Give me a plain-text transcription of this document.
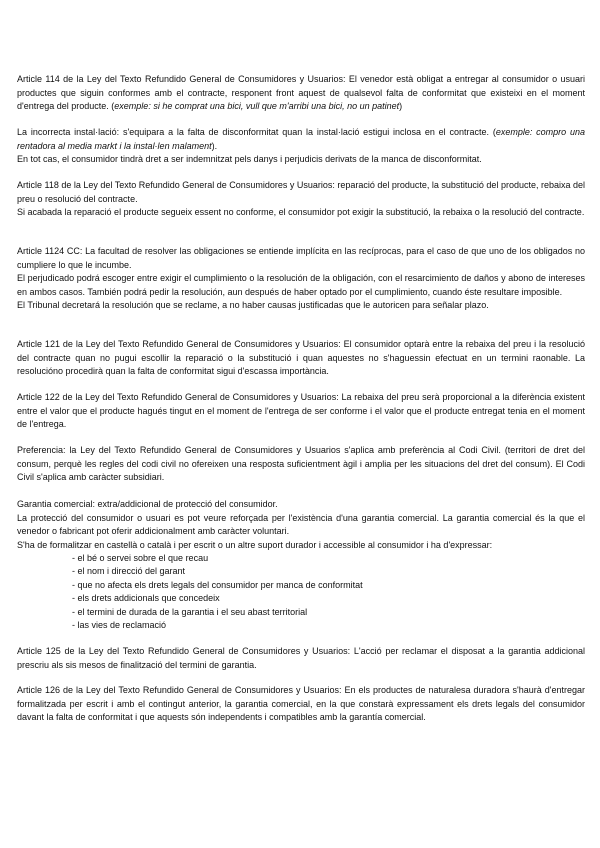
Article 114 de la Ley del Texto Refundido General de Consumidores y Usuarios: El venedor està obligat a entregar al consumidor o usuari productes que siguin conformes amb el contracte, responent front aquest de qualsevol falta de conformitat que existeixi en el moment d'entrega del producte. (exemple: si he comprat una bici, vull que m'arribi una bici, no un patinet)

La incorrecta instal·lació: s'equipara a la falta de disconformitat quan la instal·lació estigui inclosa en el contracte. (exemple: compro una rentadora al media markt i la instal·len malament).

En tot cas, el consumidor tindrà dret a ser indemnitzat pels danys i perjudicis derivats de la manca de disconformitat.

Article 118 de la Ley del Texto Refundido General de Consumidores y Usuarios: reparació del producte, la substitució del producte, rebaixa del preu o resolució del contracte.

Si acabada la reparació el producte segueix essent no conforme, el consumidor pot exigir la substitució, la rebaixa o la resolució del contracte.

Article 1124 CC: La facultad de resolver las obligaciones se entiende implícita en las recíprocas, para el caso de que uno de los obligados no cumpliere lo que le incumbe.

El perjudicado podrá escoger entre exigir el cumplimiento o la resolución de la obligación, con el resarcimiento de daños y abono de intereses en ambos casos. También podrá pedir la resolución, aun después de haber optado por el cumplimiento, cuando éste resultare imposible.

El Tribunal decretará la resolución que se reclame, a no haber causas justificadas que le autoricen para señalar plazo.

Article 121 de la Ley del Texto Refundido General de Consumidores y Usuarios: El consumidor optarà entre la rebaixa del preu i la resolució del contracte quan no pugui escollir la reparació o la substitució i quan aquestes no s'haguessin efectuat en un termini raonable. La resolucióno procedirà quan la falta de conformitat sigui d'escassa importància.

Article 122 de la Ley del Texto Refundido General de Consumidores y Usuarios: La rebaixa del preu serà proporcional a la diferència existent entre el valor que el producte hagués tingut en el moment de l'entrega de ser conforme i el valor que el producte entregat tenia en el moment de l'entrega.

Preferencia: la Ley del Texto Refundido General de Consumidores y Usuarios s'aplica amb preferència al Codi Civil. (territori de dret del consum, perquè les regles del codi civil no ofereixen una resposta suficientment àgil i amplia per les situacions del dret del consum). El Codi Civil s'aplica amb caràcter subsidiari.

Garantia comercial: extra/addicional de protecció del consumidor.

La protecció del consumidor o usuari es pot veure reforçada per l'existència d'una garantia comercial. La garantia comercial és la que el venedor o fabricant pot oferir addicionalment amb caràcter voluntari.

S'ha de formalitzar en castellà o català i per escrit o un altre suport durador i accessible al consumidor i ha d'expressar:

- el bé o servei sobre el que recau
- el nom i direcció del garant
- que no afecta els drets legals del consumidor per manca de conformitat
- els drets addicionals que concedeix
- el termini de durada de la garantia i el seu abast territorial
- las vies de reclamació

Article 125 de la Ley del Texto Refundido General de Consumidores y Usuarios: L'acció per reclamar el disposat a la garantia addicional prescriu als sis mesos de finalització del termini de garantia.

Article 126 de la Ley del Texto Refundido General de Consumidores y Usuarios: En els productes de naturalesa duradora s'haurà d'entregar formalitzada per escrit i amb el contingut anterior, la garantia comercial, en la que constarà expressament els drets legals del consumidor davant la falta de conformitat i que aquests són independents i compatibles amb la garantía comercial.
